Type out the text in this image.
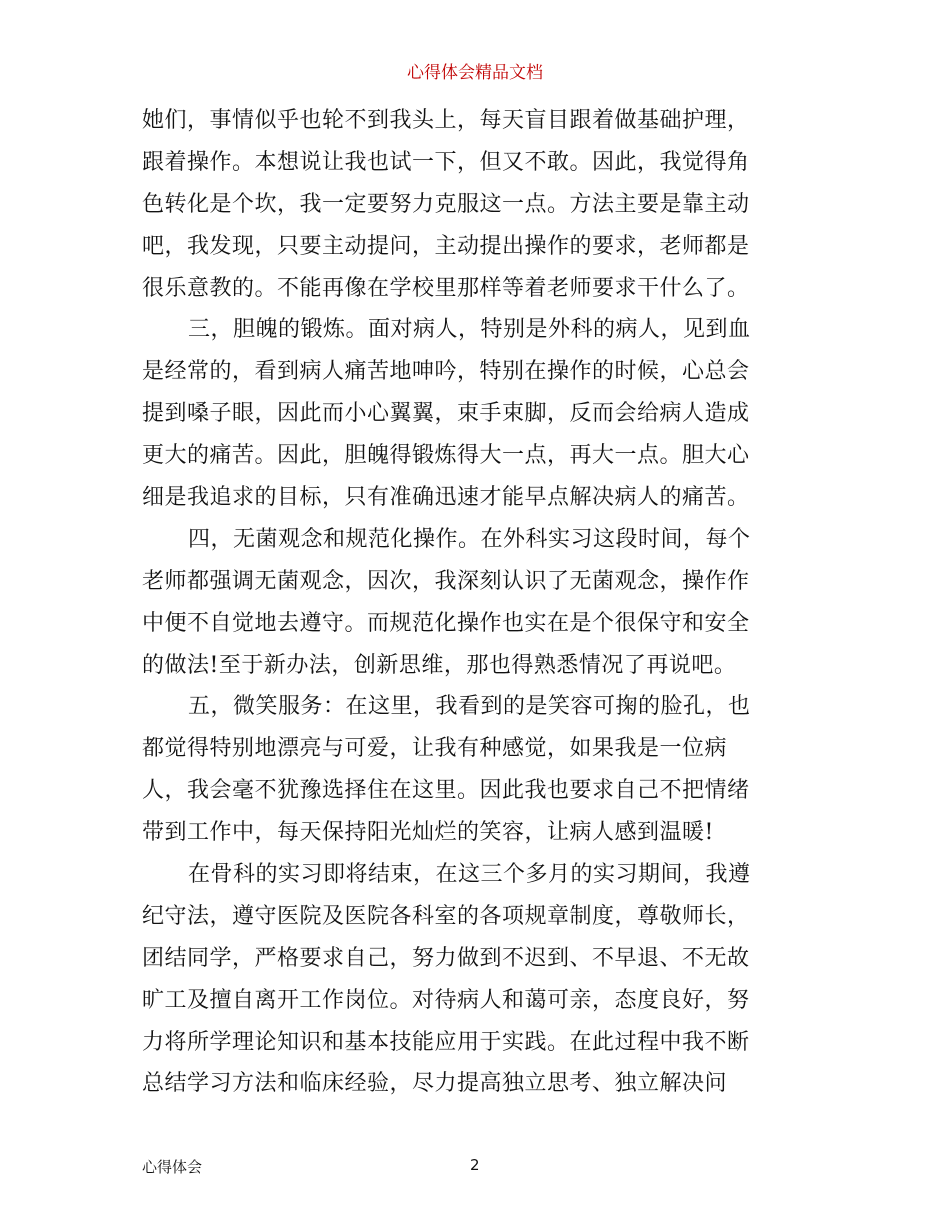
心得体会精品文档
她们，事情似乎也轮不到我头上，每天盲目跟着做基础护理，
跟着操作。本想说让我也试一下，但又不敢。因此，我觉得角
色转化是个坎，我一定要努力克服这一点。方法主要是靠主动
吧，我发现，只要主动提问，主动提出操作的要求，老师都是
很乐意教的。不能再像在学校里那样等着老师要求干什么了。
三，胆魄的锻炼。面对病人，特别是外科的病人，见到血
是经常的，看到病人痛苦地呻吟，特别在操作的时候，心总会
提到嗓子眼，因此而小心翼翼，束手束脚，反而会给病人造成
更大的痛苦。因此，胆魄得锻炼得大一点，再大一点。胆大心
细是我追求的目标，只有准确迅速才能早点解决病人的痛苦。
四，无菌观念和规范化操作。在外科实习这段时间，每个
老师都强调无菌观念，因次，我深刻认识了无菌观念，操作作
中便不自觉地去遵守。而规范化操作也实在是个很保守和安全
的做法!至于新办法，创新思维，那也得熟悉情况了再说吧。
五，微笑服务：在这里，我看到的是笑容可掬的脸孔，也
都觉得特别地漂亮与可爱，让我有种感觉，如果我是一位病
人，我会毫不犹豫选择住在这里。因此我也要求自己不把情绪
带到工作中，每天保持阳光灿烂的笑容，让病人感到温暖!
在骨科的实习即将结束，在这三个多月的实习期间，我遵
纪守法，遵守医院及医院各科室的各项规章制度，尊敬师长，
团结同学，严格要求自己，努力做到不迟到、不早退、不无故
旷工及擅自离开工作岗位。对待病人和蔼可亲，态度良好，努
力将所学理论知识和基本技能应用于实践。在此过程中我不断
总结学习方法和临床经验，尽力提高独立思考、独立解决问
心得体会	2
